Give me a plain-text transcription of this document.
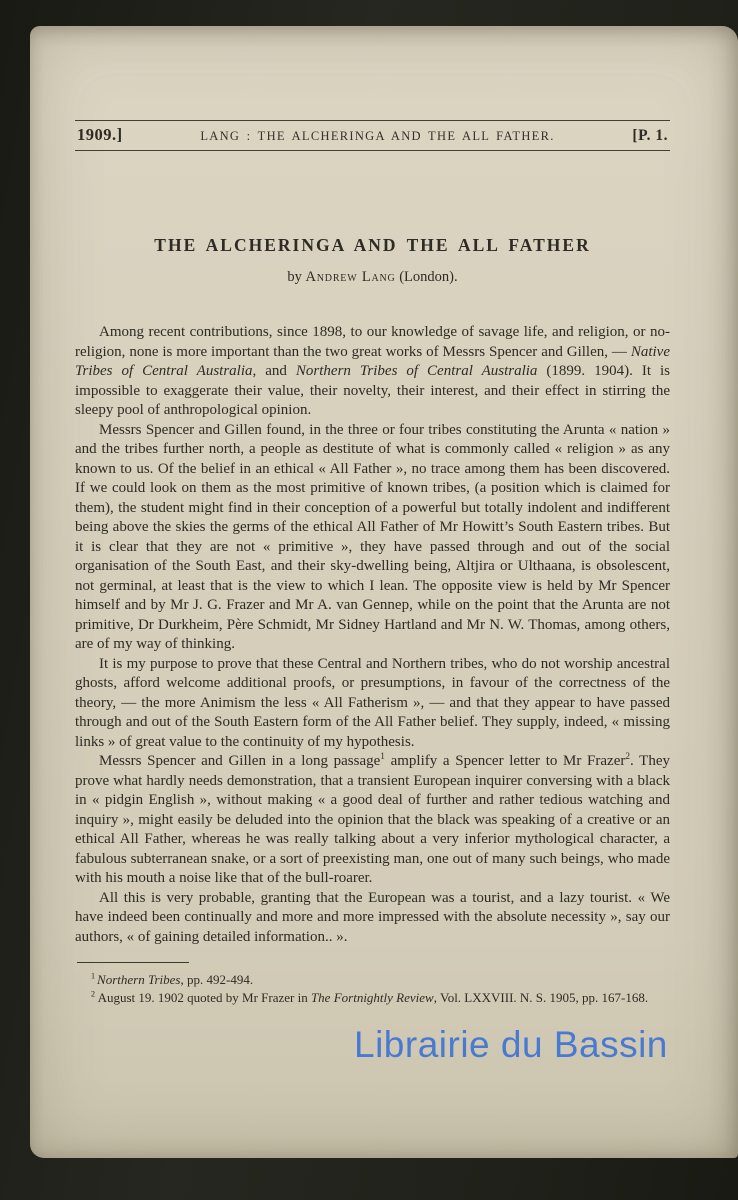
1909.]	LANG : THE ALCHERINGA AND THE ALL FATHER.	[P. 1.
THE ALCHERINGA AND THE ALL FATHER
by Andrew Lang (London).

Among recent contributions, since 1898, to our knowledge of savage life, and religion, or no-religion, none is more important than the two great works of Messrs Spencer and Gillen, — Native Tribes of Central Australia, and Northern Tribes of Central Australia (1899. 1904). It is impossible to exaggerate their value, their novelty, their interest, and their effect in stirring the sleepy pool of anthropological opinion.

Messrs Spencer and Gillen found, in the three or four tribes constituting the Arunta « nation » and the tribes further north, a people as destitute of what is commonly called « religion » as any known to us. Of the belief in an ethical « All Father », no trace among them has been discovered. If we could look on them as the most primitive of known tribes, (a position which is claimed for them), the student might find in their conception of a powerful but totally indolent and indifferent being above the skies the germs of the ethical All Father of Mr Howitt’s South Eastern tribes. But it is clear that they are not « primitive », they have passed through and out of the social organisation of the South East, and their sky-dwelling being, Altjira or Ulthaana, is obsolescent, not germinal, at least that is the view to which I lean. The opposite view is held by Mr Spencer himself and by Mr J. G. Frazer and Mr A. van Gennep, while on the point that the Arunta are not primitive, Dr Durkheim, Père Schmidt, Mr Sidney Hartland and Mr N. W. Thomas, among others, are of my way of thinking.

It is my purpose to prove that these Central and Northern tribes, who do not worship ancestral ghosts, afford welcome additional proofs, or presumptions, in favour of the correctness of the theory, — the more Animism the less « All Fatherism », — and that they appear to have passed through and out of the South Eastern form of the All Father belief. They supply, indeed, « missing links » of great value to the continuity of my hypothesis.

Messrs Spencer and Gillen in a long passage$^1$ amplify a Spencer letter to Mr Frazer$^2$. They prove what hardly needs demonstration, that a transient European inquirer conversing with a black in « pidgin English », without making « a good deal of further and rather tedious watching and inquiry », might easily be deluded into the opinion that the black was speaking of a creative or an ethical All Father, whereas he was really talking about a very inferior mythological character, a fabulous subterranean snake, or a sort of preexisting man, one out of many such beings, who made with his mouth a noise like that of the bull-roarer.

All this is very probable, granting that the European was a tourist, and a lazy tourist. « We have indeed been continually and more and more impressed with the absolute necessity », say our authors, « of gaining detailed information.. ».

$^1$ Northern Tribes, pp. 492-494.

$^2$ August 19. 1902 quoted by Mr Frazer in The Fortnightly Review, Vol. LXXVIII. N. S. 1905, pp. 167-168.

Librairie du Bassin
